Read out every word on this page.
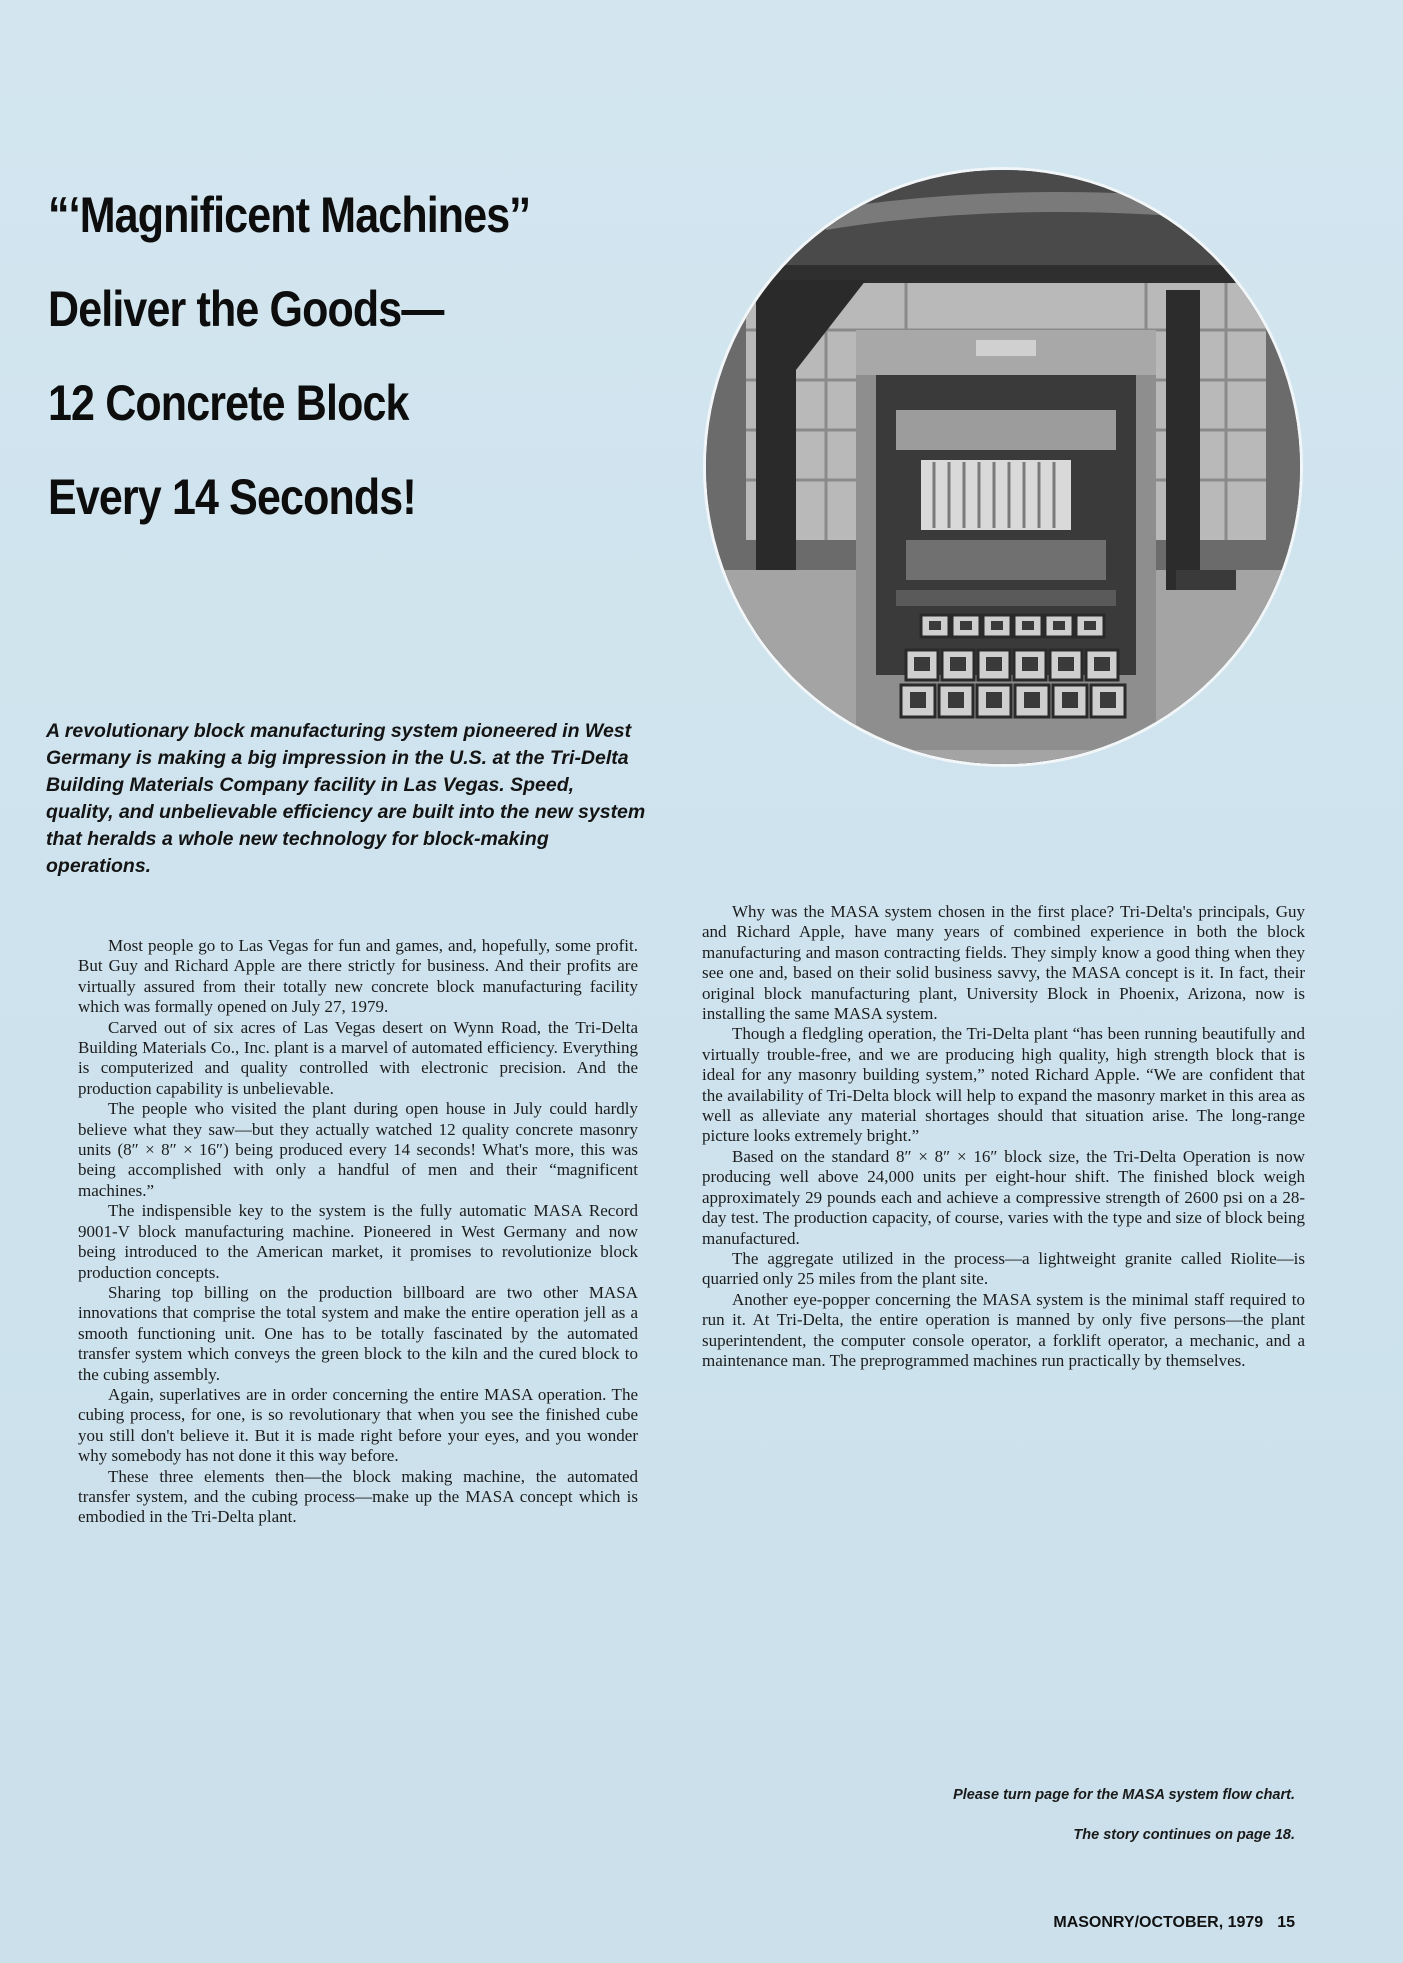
“‘Magnificent Machines’’
Deliver the Goods—
12 Concrete Block
Every 14 Seconds!

A revolutionary block manufacturing system pioneered in West Germany is making a big impression in the U.S. at the Tri-Delta Building Materials Company facility in Las Vegas. Speed, quality, and unbelievable efficiency are built into the new system that heralds a whole new technology for block-making operations.

Most people go to Las Vegas for fun and games, and, hopefully, some profit. But Guy and Richard Apple are there strictly for business. And their profits are virtually assured from their totally new concrete block manufacturing facility which was formally opened on July 27, 1979.

Carved out of six acres of Las Vegas desert on Wynn Road, the Tri-Delta Building Materials Co., Inc. plant is a marvel of automated efficiency. Everything is computerized and quality controlled with electronic precision. And the production capability is unbelievable.

The people who visited the plant during open house in July could hardly believe what they saw—but they actually watched 12 quality concrete masonry units (8″ × 8″ × 16″) being produced every 14 seconds! What's more, this was being accomplished with only a handful of men and their “magnificent machines.”

The indispensible key to the system is the fully automatic MASA Record 9001-V block manufacturing machine. Pioneered in West Germany and now being introduced to the American market, it promises to revolutionize block production concepts.

Sharing top billing on the production billboard are two other MASA innovations that comprise the total system and make the entire operation jell as a smooth functioning unit. One has to be totally fascinated by the automated transfer system which conveys the green block to the kiln and the cured block to the cubing assembly.

Again, superlatives are in order concerning the entire MASA operation. The cubing process, for one, is so revolutionary that when you see the finished cube you still don't believe it. But it is made right before your eyes, and you wonder why somebody has not done it this way before.

These three elements then—the block making machine, the automated transfer system, and the cubing process—make up the MASA concept which is embodied in the Tri-Delta plant.

Why was the MASA system chosen in the first place? Tri-Delta's principals, Guy and Richard Apple, have many years of combined experience in both the block manufacturing and mason contracting fields. They simply know a good thing when they see one and, based on their solid business savvy, the MASA concept is it. In fact, their original block manufacturing plant, University Block in Phoenix, Arizona, now is installing the same MASA system.

Though a fledgling operation, the Tri-Delta plant “has been running beautifully and virtually trouble-free, and we are producing high quality, high strength block that is ideal for any masonry building system,” noted Richard Apple. “We are confident that the availability of Tri-Delta block will help to expand the masonry market in this area as well as alleviate any material shortages should that situation arise. The long-range picture looks extremely bright.”

Based on the standard 8″ × 8″ × 16″ block size, the Tri-Delta Operation is now producing well above 24,000 units per eight-hour shift. The finished block weigh approximately 29 pounds each and achieve a compressive strength of 2600 psi on a 28-day test. The production capacity, of course, varies with the type and size of block being manufactured.

The aggregate utilized in the process—a lightweight granite called Riolite—is quarried only 25 miles from the plant site.

Another eye-popper concerning the MASA system is the minimal staff required to run it. At Tri-Delta, the entire operation is manned by only five persons—the plant superintendent, the computer console operator, a forklift operator, a mechanic, and a maintenance man. The preprogrammed machines run practically by themselves.

Please turn page for the MASA system flow chart.

The story continues on page 18.

MASONRY/OCTOBER, 1979 15
